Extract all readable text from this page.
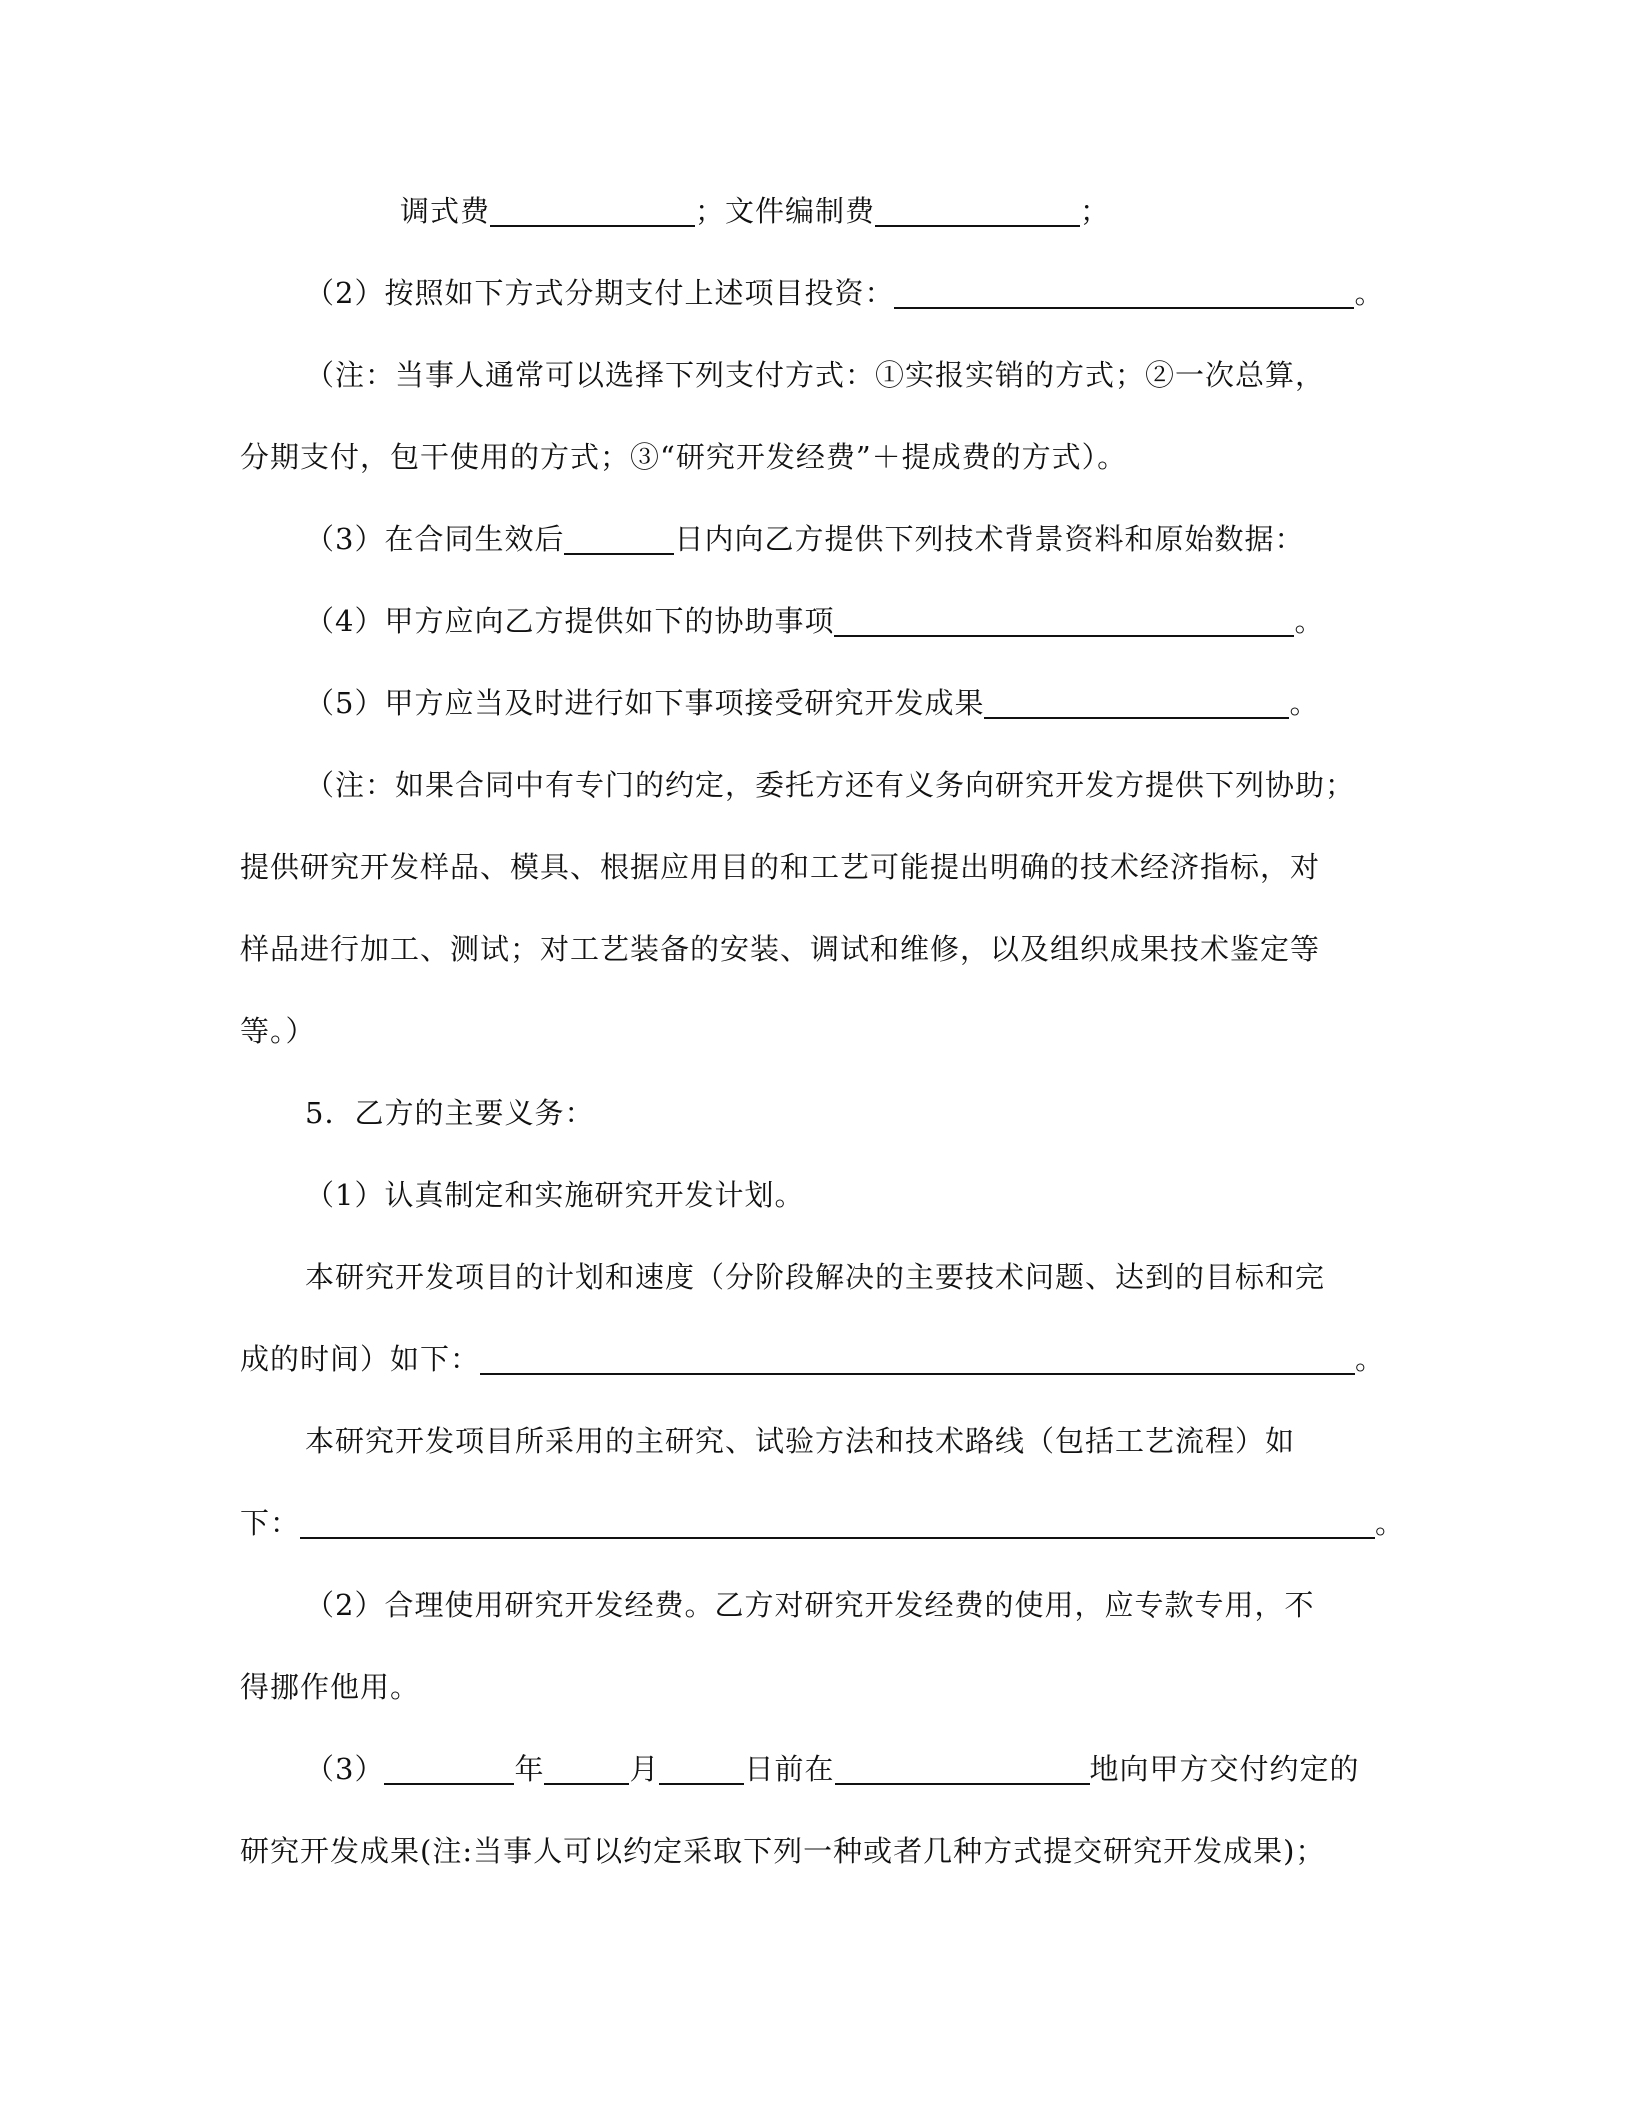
调式费	；文件编制费	；
（2）按照如下方式分期支付上述项目投资：	。
（注：当事人通常可以选择下列支付方式：①实报实销的方式；②一次总算，
分期支付，包干使用的方式；③“研究开发经费”＋提成费的方式）。
（3）在合同生效后	日内向乙方提供下列技术背景资料和原始数据：
（4）甲方应向乙方提供如下的协助事项	。
（5）甲方应当及时进行如下事项接受研究开发成果	。
（注：如果合同中有专门的约定，委托方还有义务向研究开发方提供下列协助；
提供研究开发样品、模具、根据应用目的和工艺可能提出明确的技术经济指标，对
样品进行加工、测试；对工艺装备的安装、调试和维修，以及组织成果技术鉴定等
等。）
5．乙方的主要义务：
（1）认真制定和实施研究开发计划。
本研究开发项目的计划和速度（分阶段解决的主要技术问题、达到的目标和完
成的时间）如下：	。
本研究开发项目所采用的主研究、试验方法和技术路线（包括工艺流程）如
下：	。
（2）合理使用研究开发经费。乙方对研究开发经费的使用，应专款专用，不
得挪作他用。
（3）	年	月	日前在	地向甲方交付约定的
研究开发成果(注:当事人可以约定采取下列一种或者几种方式提交研究开发成果)；
